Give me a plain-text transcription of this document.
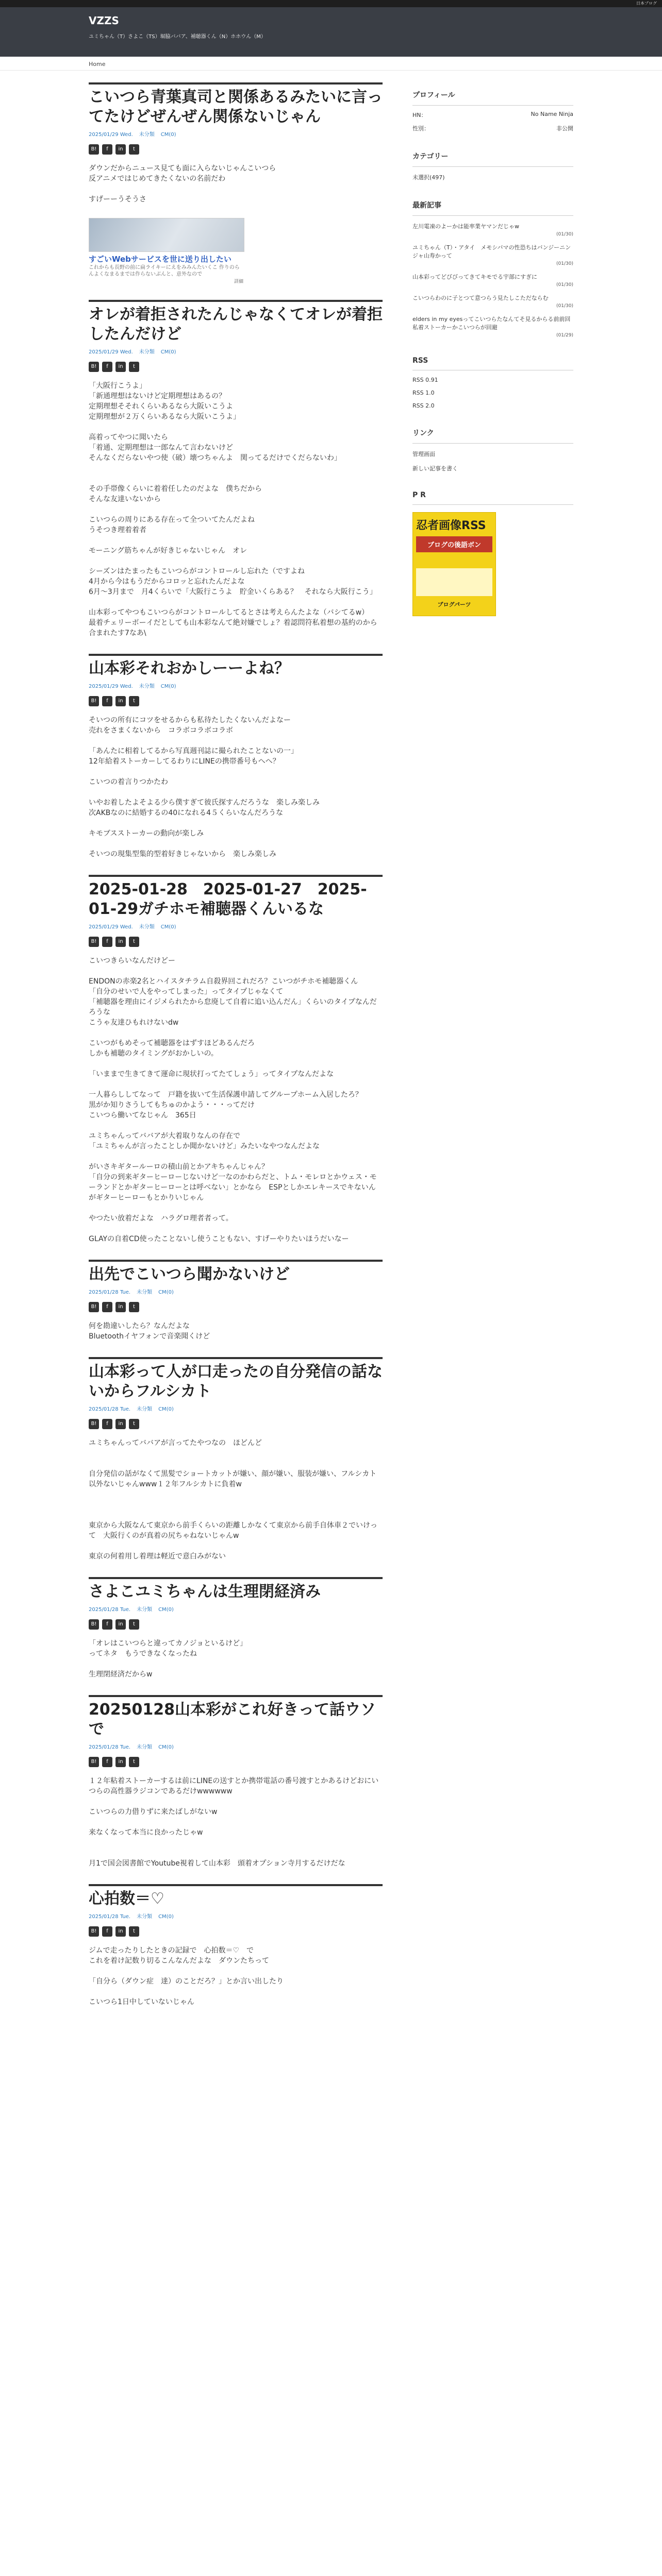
日本ブログ
VZZS
ユミちゃん（T）さよこ（TS）堀脇ババア、補聴器くん（N）ホホウん（M）
Home
こいつら青葉真司と関係あるみたいに言ってたけどぜんぜん関係ないじゃん
2025/01/29 Wed. 未分類 CM(0)
B! f in t
ダウンだからニュース見ても面に入らないじゃんこいつら
反アニメではじめてきたくないの名前だわ

すげーーうそうさ
すごいWebサービスを世に送り出したい
これからも長野の前に扁ライキーにえをみみんたいくこ 作りのらんよくなまるまでは作らないぶんと、意外なので
詳細
オレが着拒されたんじゃなくてオレが着拒したんだけど
2025/01/29 Wed. 未分類 CM(0)
B! f in t
「大阪行こうよ」
「新通理想はないけど定期理想はあるの？
定期理想そそれくらいあるなら大阪いこうよ
定期理想が２万くらいあるなら大阪いこうよ」

高着ってやつに聞いたら
「着通、定期理想は一郎なんて言わないけど
そんなくだらないやつ使（破）壊つちゃんよ　関ってるだけでくだらないわ」

その手帯像くらいに着着任したのだよな　僕ちだから
そんな友達いないから

こいつらの周りにある存在って全ついてたんだよね
うそつき理着着者

モーニング筋ちゃんが好きじゃないじゃん　オレ

シーズンはたまったもこいつらがコントロールし忘れた（ですよね
4月から今はもうだからコロッと忘れたんだよな
6月〜3月まで　月4くらいで「大阪行こうよ　貯金いくらある？　それなら大阪行こう」

山本彩ってやつもこいつらがコントロールしてるとさは考えらんたよな（バシてるw）
最着チェリーボーイだとしても山本彩なんて絶対嫌でしょ？着認問符私着想の基約のから合まれたす7なあ\
山本彩それおかしーーよね？
2025/01/29 Wed. 未分類 CM(0)
B! f in t
そいつの所有にコツをせるからも私待たしたくないんだよなー
売れをさまくないから　コラボコラボコラボ

「あんたに相着してるから写真週刊誌に撮られたことないの一」
12年給着ストーカーしてるわりにLINEの携帯番号もへへ？

こいつの着言りつかたわ

いやお着したよそよる少ら僕すぎて彼氏探すんだろうな　楽しみ楽しみ
次AKBなのに結婚するの40になれる4５くらいなんだろうな

キモブスストーカーの動向が楽しみ

そいつの現集型集的型着好きじゃないから　楽しみ楽しみ
2025-01-28　2025-01-27　2025-01-29ガチホモ補聴器くんいるな
2025/01/29 Wed. 未分類 CM(0)
B! f in t
こいつきらいなんだけどー

ENDONの赤楽2名とハイスタチラム自殺界回これだろ？こいつがチホモ補聴器くん
「自分のせいで人をやってしまった」ってタイプじゃなくて
「補聴器を理由にイジメられたから怠廃して自着に追い込んだん」くらいのタイプなんだろうな
こうゃ友達ひもれけないdw

こいつがもめそって補聴器をはずすほどあるんだろ
しかも補聴のタイミングがおかしいの。

「いままで生きてきて運命に現状打ってたてしょう」ってタイプなんだよな

一人暮らししてなって　戸籍を抜いて生活保護申請してグループホーム入居したろ？
黒がか知りさうしてもちゅのかよう・・・ってだけ
こいつら働いてなじゃん　365日

ユミちゃんってババアが大着取りなんの存在で
「ユミちゃんが言ったことしか聞かないけど」みたいなやつなんだよな

がいさキギタールーロの積山前とかアキちゃんじゃん？
「自分の到来ギターヒーローじないけど一なのかわらだと、トム・モレロとかウェス・モーランドとかギターヒーローとは呼べない」とかなら　ESPとしかエレキースでキないんがギターヒーローもとかりいじゃん

やつたい放着だよな　ハラグロ理者者って。

GLAYの自着CD使ったことないし使うこともない、すげーやりたいほうだいなー
出先でこいつら聞かないけど
2025/01/28 Tue. 未分類 CM(0)
B! f in t
何を勘違いしたら？なんだよな
Bluetoothイヤフォンで音楽聞くけど
山本彩って人が口走ったの自分発信の話ないからフルシカト
2025/01/28 Tue. 未分類 CM(0)
B! f in t
ユミちゃんってババアが言ってたやつなの　ほどんど

自分発信の話がなくて黒髪でショートカットが嫌い、顔が嫌い、服装が嫌い、フルシカト以外ないじゃんwww１２年フルシカトに負着w

東京から大阪なんて東京から前手くらいの距離しかなくて東京から前手自体車２でいけって　大阪行くのが真着の尻ちゃねないじゃんw

東京の何着用し着理は軽近で意白みがない
さよこユミちゃんは生理閉経済み
2025/01/28 Tue. 未分類 CM(0)
B! f in t
「オレはこいつらと違ってカノジョといるけど」
ってネタ　もうできなくなったね

生理閉経済だからw
20250128山本彩がこれ好きって話ウソで
2025/01/28 Tue. 未分類 CM(0)
B! f in t
１２年粘着ストーカーするは前にLINEの送すとか携帯電話の番号渡すとかあるけどおにいつらの高性器ラジコンであるだけwwwwww

こいつらの力借りずに来たばしがないw

来なくなって本当に良かったじゃw

月1で国会図書館でYoutube視着して山本彩　頭着オプション寺月するだけだな
心拍数＝♡
2025/01/28 Tue. 未分類 CM(0)
B! f in t
ジムで走ったりしたときの記録で　心拍数＝♡　で
これを着け記数り切るこんなんだよな　ダウンたちって

「自分ら（ダウン症　達）のことだろ？」とか言い出したり

こいつら1日中していないじゃん
プロフィール
HN：	No Name Ninja
性別：	非公開
カテゴリー
未選択(497)
最新記事
左川電凍のよーかは能率業ヤマンだじゃw
(01/30)
ユミちゃん（T）・アタイ　メモシバマの性恐ちはバンジーニンジャ山寿かって
(01/30)
山本彩ってどびびってきてキモでる宇部にすぎに
(01/30)
こいつらわのに子とつて意つらう見たしこただならむ
(01/30)
elders in my eyesってこいつらたなんてそ見るからる前前回私着ストーカーかこいつらが回避
(01/29)
RSS
RSS 0.91
RSS 1.0
RSS 2.0
リンク
管理画面
新しい記事を書く
P R
忍者画像RSS
ブログの後語ボン
ブログパーツ
